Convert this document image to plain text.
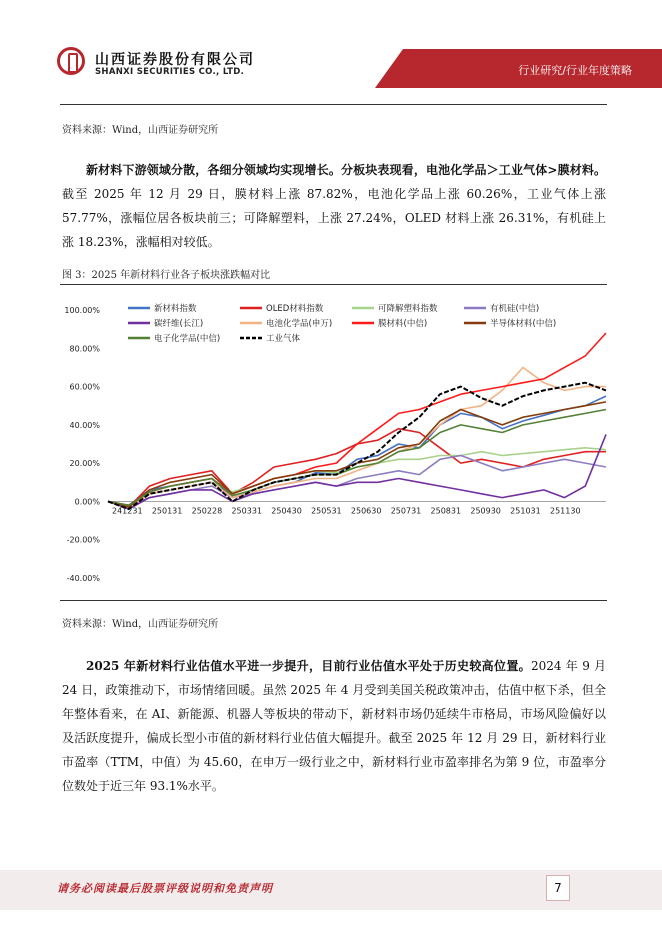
山西证券股份有限公司
SHANXI SECURITIES CO., LTD.	行业研究/行业年度策略
资料来源：Wind，山西证券研究所
新材料下游领域分散，各细分领域均实现增长。分板块表现看，电池化学品＞工业气体>膜材料。截至 2025 年 12 月 29 日，膜材料上涨 87.82%，电池化学品上涨 60.26%，工业气体上涨 57.77%，涨幅位居各板块前三；可降解塑料，上涨 27.24%，OLED 材料上涨 26.31%，有机硅上涨 18.23%，涨幅相对较低。
图 3：2025 年新材料行业各子板块涨跌幅对比
新材料指数	OLED材料指数	可降解塑料指数	有机硅(中信)
碳纤维(长江)	电池化学品(申万)	膜材料(中信)	半导体材料(中信)
电子化学品(中信)	工业气体
100.00%
80.00%
60.00%
40.00%
20.00%
0.00%
-20.00%
-40.00%
241231 250131 250228 250331 250430 250531 250630 250731 250831 250930 251031 251130
资料来源：Wind，山西证券研究所
2025 年新材料行业估值水平进一步提升，目前行业估值水平处于历史较高位置。2024 年 9 月 24 日，政策推动下，市场情绪回暖。虽然 2025 年 4 月受到美国关税政策冲击，估值中枢下杀，但全年整体看来，在 AI、新能源、机器人等板块的带动下，新材料市场仍延续牛市格局，市场风险偏好以及活跃度提升，偏成长型小市值的新材料行业估值大幅提升。截至 2025 年 12 月 29 日，新材料行业市盈率（TTM，中值）为 45.60，在申万一级行业之中，新材料行业市盈率排名为第 9 位，市盈率分位数处于近三年 93.1%水平。
请务必阅读最后股票评级说明和免责声明	7
